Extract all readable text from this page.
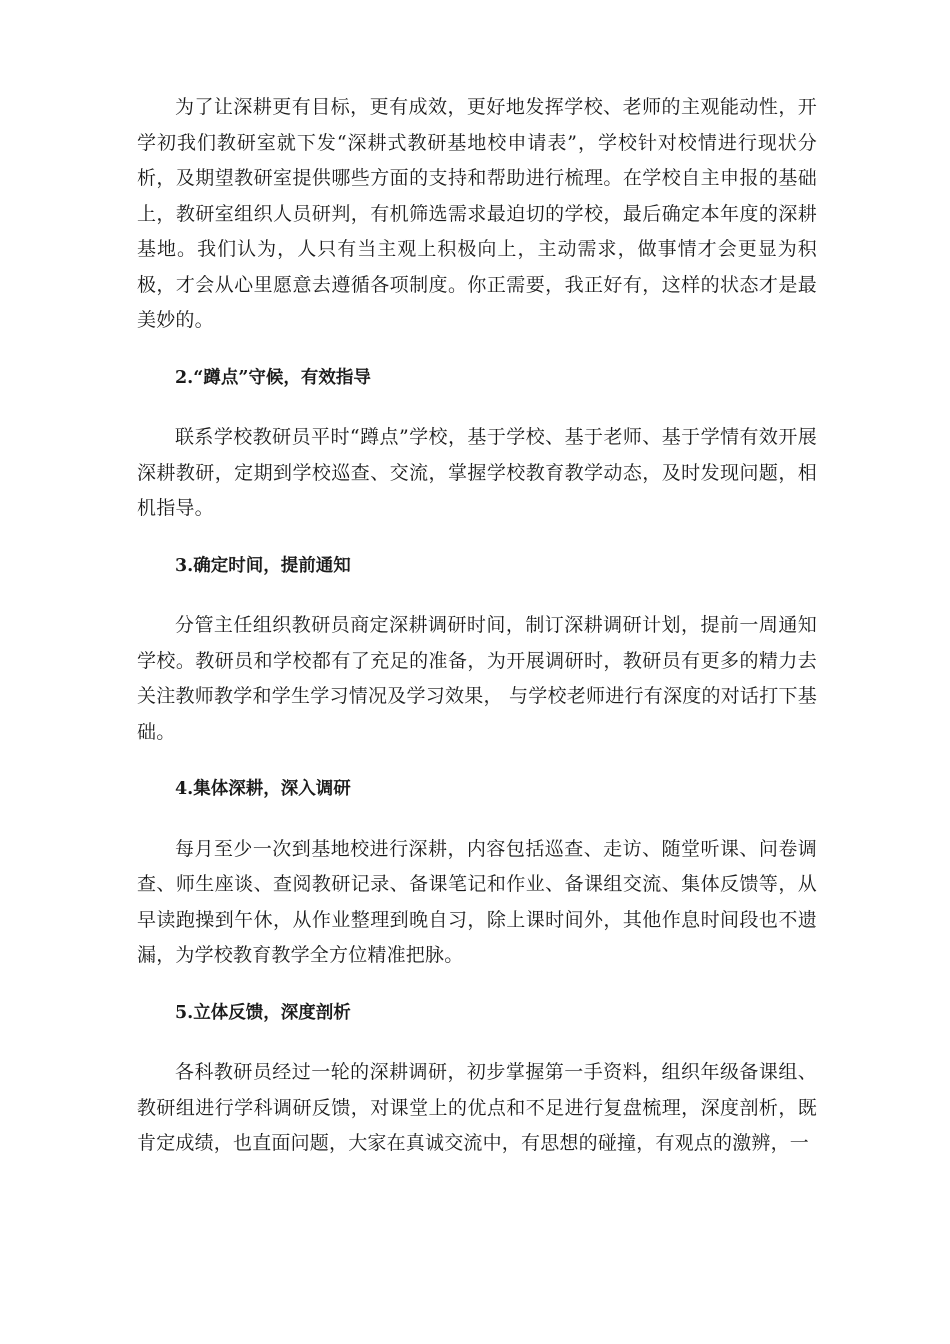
为了让深耕更有目标，更有成效，更好地发挥学校、老师的主观能动性，开学初我们教研室就下发“深耕式教研基地校申请表”，学校针对校情进行现状分析，及期望教研室提供哪些方面的支持和帮助进行梳理。在学校自主申报的基础上，教研室组织人员研判，有机筛选需求最迫切的学校，最后确定本年度的深耕基地。我们认为，人只有当主观上积极向上，主动需求，做事情才会更显为积极，才会从心里愿意去遵循各项制度。你正需要，我正好有，这样的状态才是最美妙的。

2.“蹲点”守候，有效指导

联系学校教研员平时“蹲点”学校，基于学校、基于老师、基于学情有效开展深耕教研，定期到学校巡查、交流，掌握学校教育教学动态，及时发现问题，相机指导。

3.确定时间，提前通知

分管主任组织教研员商定深耕调研时间，制订深耕调研计划，提前一周通知学校。教研员和学校都有了充足的准备，为开展调研时，教研员有更多的精力去关注教师教学和学生学习情况及学习效果， 与学校老师进行有深度的对话打下基础。

4.集体深耕，深入调研

每月至少一次到基地校进行深耕，内容包括巡查、走访、随堂听课、问卷调查、师生座谈、查阅教研记录、备课笔记和作业、备课组交流、集体反馈等，从早读跑操到午休，从作业整理到晚自习，除上课时间外，其他作息时间段也不遗漏，为学校教育教学全方位精准把脉。

5.立体反馈，深度剖析

各科教研员经过一轮的深耕调研，初步掌握第一手资料，组织年级备课组、教研组进行学科调研反馈，对课堂上的优点和不足进行复盘梳理，深度剖析，既肯定成绩，也直面问题，大家在真诚交流中，有思想的碰撞，有观点的激辨，一
